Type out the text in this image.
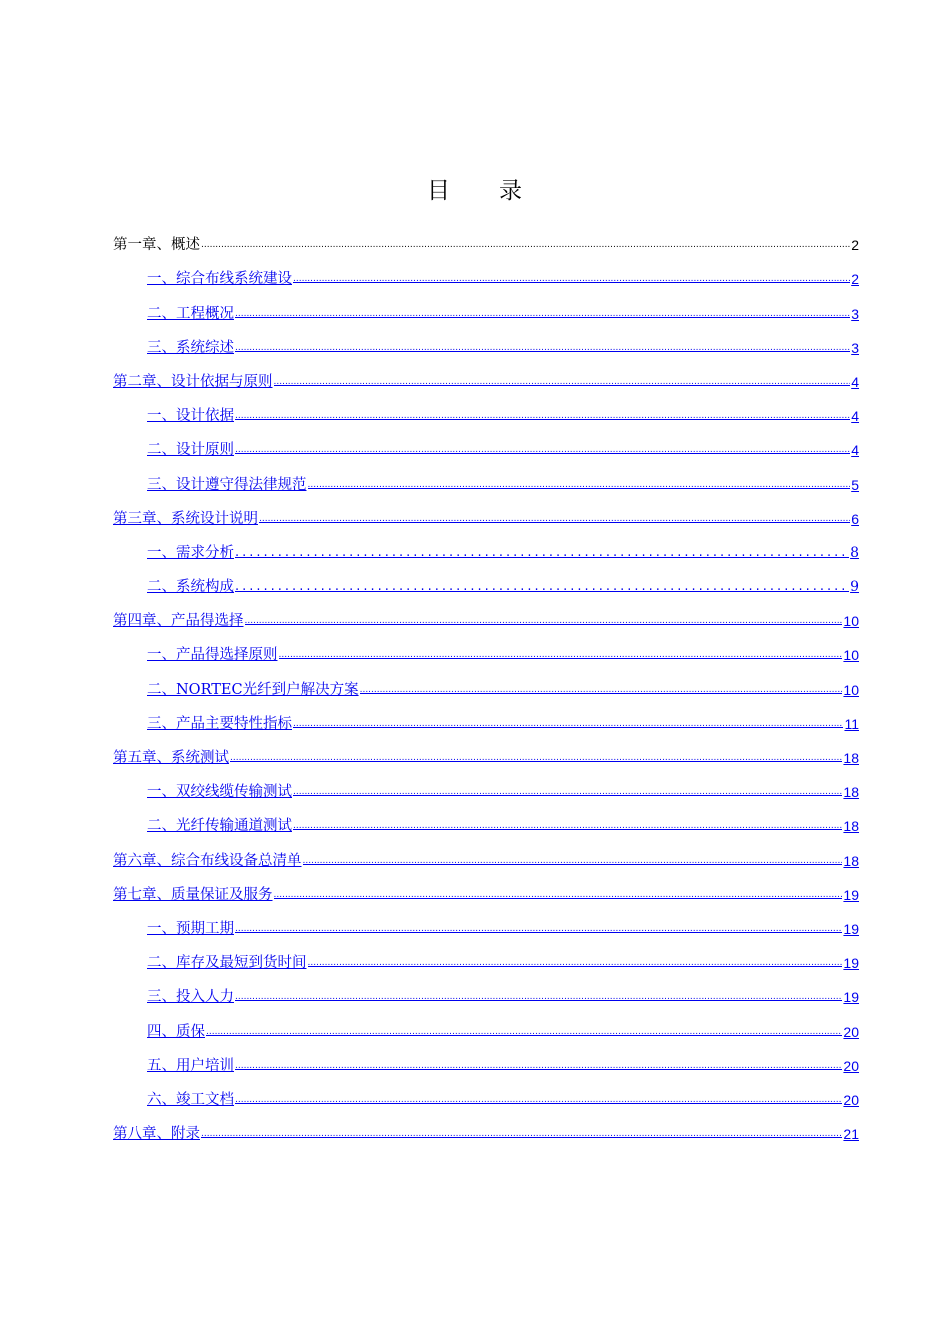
目　　录
第一章、概述 .....	2
一、综合布线系统建设 .....	2
二、工程概况 .....	3
三、系统综述 .....	3
第二章、设计依据与原则 .....	4
一、设计依据 .....	4
二、设计原则 .....	4
三、设计遵守得法律规范 .....	5
第三章、系统设计说明 .....	6
一、需求分析 .....	8
二、系统构成 .....	9
第四章、产品得选择 .....	10
一、产品得选择原则 .....	10
二、NORTEC光纤到户解决方案 .....	10
三、产品主要特性指标 .....	11
第五章、系统测试 .....	18
一、双绞线缆传输测试 .....	18
二、光纤传输通道测试 .....	18
第六章、综合布线设备总清单 .....	18
第七章、质量保证及服务 .....	19
一、预期工期 .....	19
二、库存及最短到货时间 .....	19
三、投入人力 .....	19
四、质保 .....	20
五、用户培训 .....	20
六、竣工文档 .....	20
第八章、附录 .....	21
